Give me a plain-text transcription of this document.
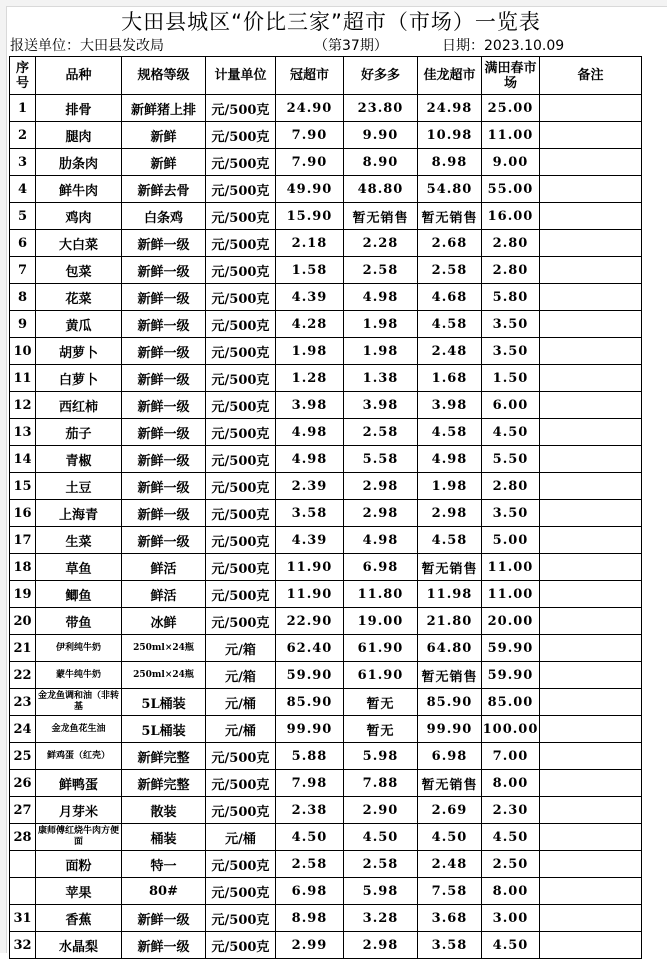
大田县城区“价比三家”超市（市场）一览表
报送单位：大田县发改局	（第37期）	日期：2023.10.09
序号	品种	规格等级	计量单位	冠超市	好多多	佳龙超市	满田春市场	备注
1	排骨	新鲜猪上排	元/500克	24.90	23.80	24.98	25.00	
2	腿肉	新鲜	元/500克	7.90	9.90	10.98	11.00	
3	肋条肉	新鲜	元/500克	7.90	8.90	8.98	9.00	
4	鲜牛肉	新鲜去骨	元/500克	49.90	48.80	54.80	55.00	
5	鸡肉	白条鸡	元/500克	15.90	暂无销售	暂无销售	16.00	
6	大白菜	新鲜一级	元/500克	2.18	2.28	2.68	2.80	
7	包菜	新鲜一级	元/500克	1.58	2.58	2.58	2.80	
8	花菜	新鲜一级	元/500克	4.39	4.98	4.68	5.80	
9	黄瓜	新鲜一级	元/500克	4.28	1.98	4.58	3.50	
10	胡萝卜	新鲜一级	元/500克	1.98	1.98	2.48	3.50	
11	白萝卜	新鲜一级	元/500克	1.28	1.38	1.68	1.50	
12	西红柿	新鲜一级	元/500克	3.98	3.98	3.98	6.00	
13	茄子	新鲜一级	元/500克	4.98	2.58	4.58	4.50	
14	青椒	新鲜一级	元/500克	4.98	5.58	4.98	5.50	
15	土豆	新鲜一级	元/500克	2.39	2.98	1.98	2.80	
16	上海青	新鲜一级	元/500克	3.58	2.98	2.98	3.50	
17	生菜	新鲜一级	元/500克	4.39	4.98	4.58	5.00	
18	草鱼	鲜活	元/500克	11.90	6.98	暂无销售	11.00	
19	鲫鱼	鲜活	元/500克	11.90	11.80	11.98	11.00	
20	带鱼	冰鲜	元/500克	22.90	19.00	21.80	20.00	
21	伊利纯牛奶	250ml×24瓶	元/箱	62.40	61.90	64.80	59.90	
22	蒙牛纯牛奶	250ml×24瓶	元/箱	59.90	61.90	暂无销售	59.90	
23	金龙鱼调和油（非转基	5L桶装	元/桶	85.90	暂无	85.90	85.00	
24	金龙鱼花生油	5L桶装	元/桶	99.90	暂无	99.90	100.00	
25	鲜鸡蛋（红壳）	新鲜完整	元/500克	5.88	5.98	6.98	7.00	
26	鲜鸭蛋	新鲜完整	元/500克	7.98	7.88	暂无销售	8.00	
27	月芽米	散装	元/500克	2.38	2.90	2.69	2.30	
28	康师傅红烧牛肉方便面	桶装	元/桶	4.50	4.50	4.50	4.50	
	面粉	特一	元/500克	2.58	2.58	2.48	2.50	
	苹果	80#	元/500克	6.98	5.98	7.58	8.00	
31	香蕉	新鲜一级	元/500克	8.98	3.28	3.68	3.00	
32	水晶梨	新鲜一级	元/500克	2.99	2.98	3.58	4.50	
